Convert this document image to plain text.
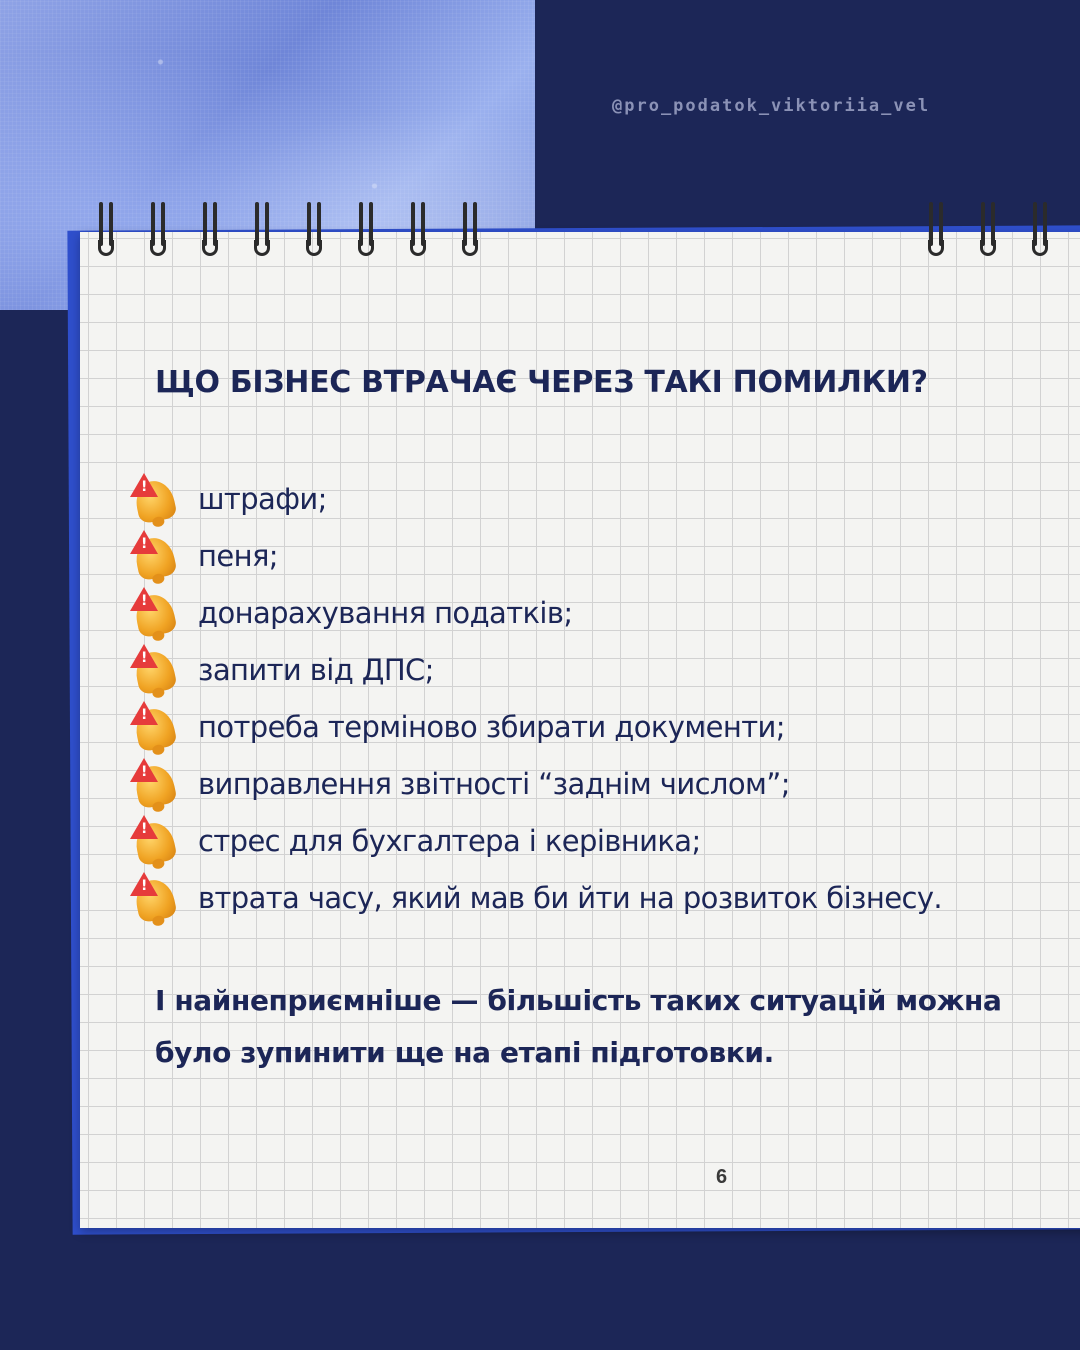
@pro_podatok_viktoriia_vel
ЩО БІЗНЕС ВТРАЧАЄ ЧЕРЕЗ ТАКІ ПОМИЛКИ?
! штрафи;
! пеня;
! донарахування податків;
! запити від ДПС;
! потреба терміново збирати документи;
! виправлення звітності “заднім числом”;
! стрес для бухгалтера і керівника;
! втрата часу, який мав би йти на розвиток бізнесу.

І найнеприємніше — більшість таких ситуацій можна було зупинити ще на етапі підготовки.

6
